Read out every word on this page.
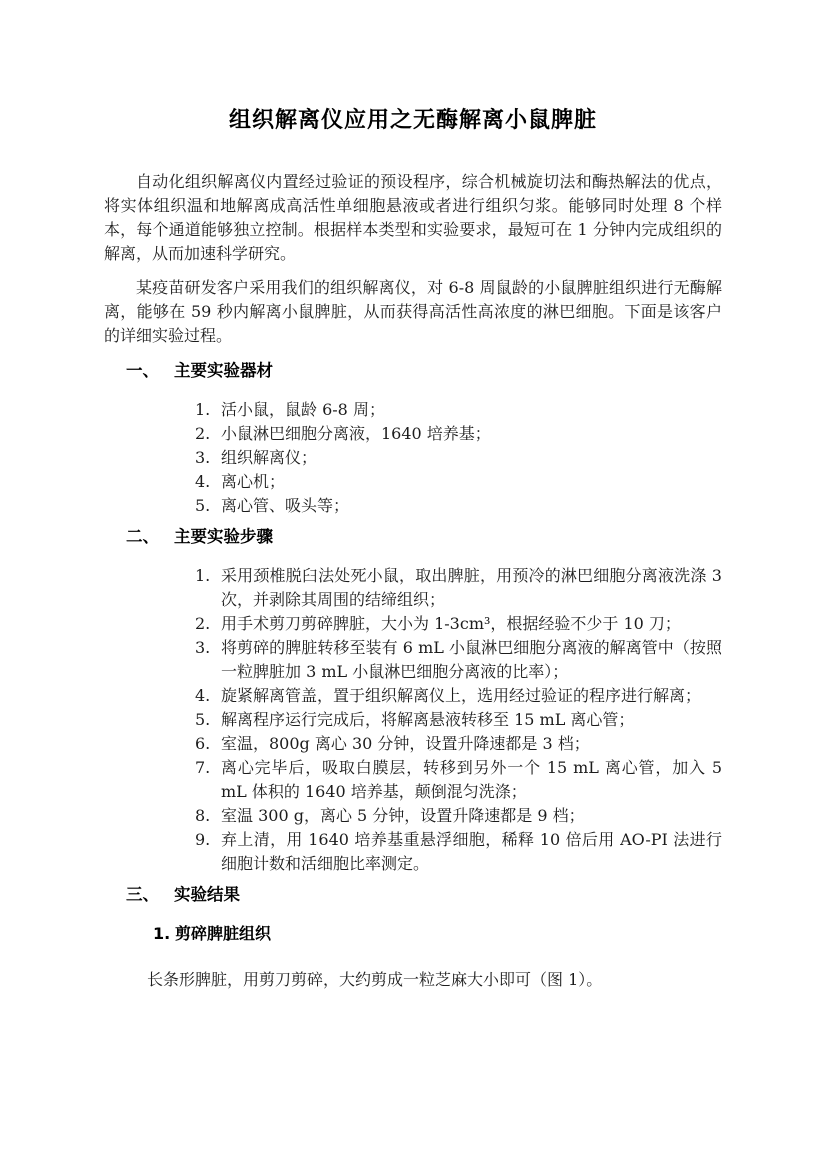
组织解离仪应用之无酶解离小鼠脾脏

自动化组织解离仪内置经过验证的预设程序，综合机械旋切法和酶热解法的优点，将实体组织温和地解离成高活性单细胞悬液或者进行组织匀浆。能够同时处理 8 个样本，每个通道能够独立控制。根据样本类型和实验要求，最短可在 1 分钟内完成组织的解离，从而加速科学研究。

某疫苗研发客户采用我们的组织解离仪，对 6-8 周鼠龄的小鼠脾脏组织进行无酶解离，能够在 59 秒内解离小鼠脾脏，从而获得高活性高浓度的淋巴细胞。下面是该客户的详细实验过程。

一、 主要实验器材
1. 活小鼠，鼠龄 6-8 周；
2. 小鼠淋巴细胞分离液，1640 培养基；
3. 组织解离仪；
4. 离心机；
5. 离心管、吸头等；
二、 主要实验步骤
1. 采用颈椎脱臼法处死小鼠，取出脾脏，用预冷的淋巴细胞分离液洗涤 3 次，并剥除其周围的结缔组织；
2. 用手术剪刀剪碎脾脏，大小为 1-3cm³，根据经验不少于 10 刀；
3. 将剪碎的脾脏转移至装有 6 mL 小鼠淋巴细胞分离液的解离管中（按照一粒脾脏加 3 mL 小鼠淋巴细胞分离液的比率）；
4. 旋紧解离管盖，置于组织解离仪上，选用经过验证的程序进行解离；
5. 解离程序运行完成后，将解离悬液转移至 15 mL 离心管；
6. 室温，800g 离心 30 分钟，设置升降速都是 3 档；
7. 离心完毕后，吸取白膜层，转移到另外一个 15 mL 离心管，加入 5 mL 体积的 1640 培养基，颠倒混匀洗涤；
8. 室温 300 g，离心 5 分钟，设置升降速都是 9 档；
9. 弃上清，用 1640 培养基重悬浮细胞，稀释 10 倍后用 AO-PI 法进行细胞计数和活细胞比率测定。
三、 实验结果
1. 剪碎脾脏组织

长条形脾脏，用剪刀剪碎，大约剪成一粒芝麻大小即可（图 1）。
